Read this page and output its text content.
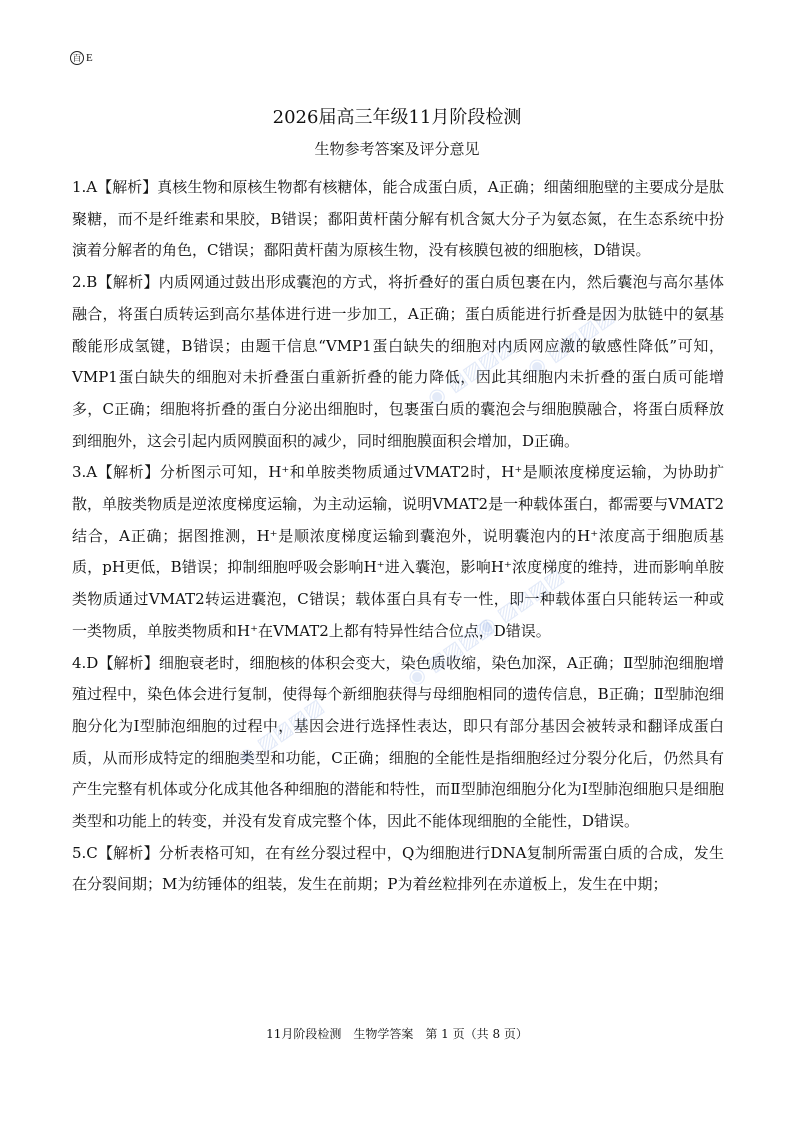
百 E
2026届高三年级11月阶段检测
生物参考答案及评分意见

1.A【解析】真核生物和原核生物都有核糖体，能合成蛋白质，A正确；细菌细胞壁的主要成分是肽聚糖，而不是纤维素和果胶，B错误；鄱阳黄杆菌分解有机含氮大分子为氨态氮，在生态系统中扮演着分解者的角色，C错误；鄱阳黄杆菌为原核生物，没有核膜包被的细胞核，D错误。

2.B【解析】内质网通过鼓出形成囊泡的方式，将折叠好的蛋白质包裹在内，然后囊泡与高尔基体融合，将蛋白质转运到高尔基体进行进一步加工，A正确；蛋白质能进行折叠是因为肽链中的氨基酸能形成氢键，B错误；由题干信息“VMP1蛋白缺失的细胞对内质网应激的敏感性降低”可知，VMP1蛋白缺失的细胞对未折叠蛋白重新折叠的能力降低，因此其细胞内未折叠的蛋白质可能增多，C正确；细胞将折叠的蛋白分泌出细胞时，包裹蛋白质的囊泡会与细胞膜融合，将蛋白质释放到细胞外，这会引起内质网膜面积的减少，同时细胞膜面积会增加，D正确。

3.A【解析】分析图示可知，H⁺和单胺类物质通过VMAT2时，H⁺是顺浓度梯度运输，为协助扩散，单胺类物质是逆浓度梯度运输，为主动运输，说明VMAT2是一种载体蛋白，都需要与VMAT2结合，A正确；据图推测，H⁺是顺浓度梯度运输到囊泡外，说明囊泡内的H⁺浓度高于细胞质基质，pH更低，B错误；抑制细胞呼吸会影响H⁺进入囊泡，影响H⁺浓度梯度的维持，进而影响单胺类物质通过VMAT2转运进囊泡，C错误；载体蛋白具有专一性，即一种载体蛋白只能转运一种或一类物质，单胺类物质和H⁺在VMAT2上都有特异性结合位点，D错误。

4.D【解析】细胞衰老时，细胞核的体积会变大，染色质收缩，染色加深，A正确；Ⅱ型肺泡细胞增殖过程中，染色体会进行复制，使得每个新细胞获得与母细胞相同的遗传信息，B正确；Ⅱ型肺泡细胞分化为Ⅰ型肺泡细胞的过程中，基因会进行选择性表达，即只有部分基因会被转录和翻译成蛋白质，从而形成特定的细胞类型和功能，C正确；细胞的全能性是指细胞经过分裂分化后，仍然具有产生完整有机体或分化成其他各种细胞的潜能和特性，而Ⅱ型肺泡细胞分化为Ⅰ型肺泡细胞只是细胞类型和功能上的转变，并没有发育成完整个体，因此不能体现细胞的全能性，D错误。

5.C【解析】分析表格可知，在有丝分裂过程中，Q为细胞进行DNA复制所需蛋白质的合成，发生在分裂间期；M为纺锤体的组装，发生在前期；P为着丝粒排列在赤道板上，发生在中期；

11月阶段检测　生物学答案　第 1 页（共 8 页）
◉ ▨▨▨▨ ◉ ▨▨▨▨
◉ ▨▨▨▨
◉ ▨▨▨▨
◉ ▨▨▨▨
